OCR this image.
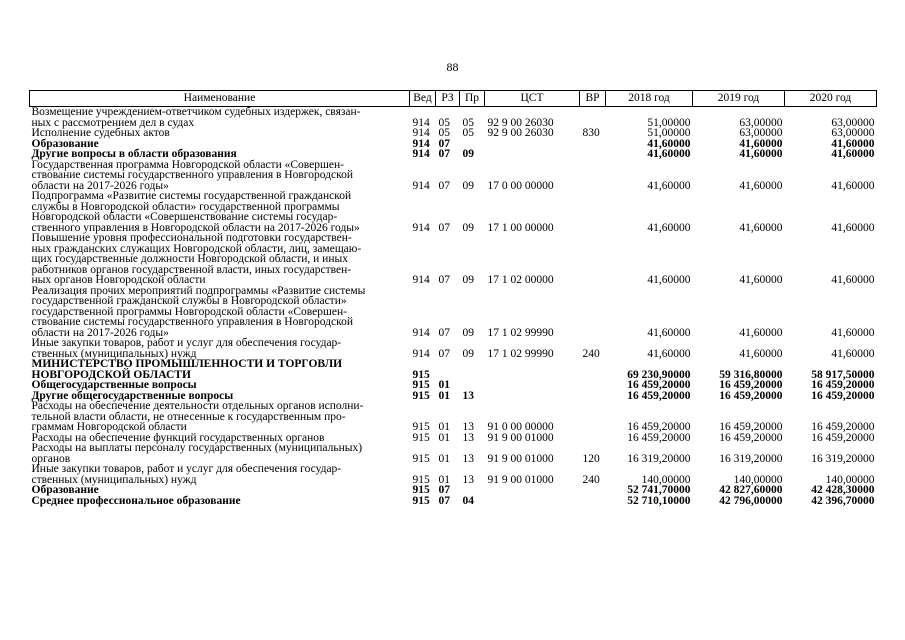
88
Наименование	Вед	РЗ	Пр	ЦСТ	ВР	2018 год	2019 год	2020 год
Возмещение учреждением-ответчиком судебных издержек, связан-
ных с рассмотрением дел в судах	914	05	05	92 9 00 26030		51,00000	63,00000	63,00000
Исполнение судебных актов	914	05	05	92 9 00 26030	830	51,00000	63,00000	63,00000
Образование	914	07				41,60000	41,60000	41,60000
Другие вопросы в области образования	914	07	09			41,60000	41,60000	41,60000
Государственная программа Новгородской области «Совершен-
ствование системы государственного управления в Новгородской
области на 2017-2026 годы»	914	07	09	17 0 00 00000		41,60000	41,60000	41,60000
Подпрограмма «Развитие системы государственной гражданской
службы в Новгородской области» государственной программы
Новгородской области «Совершенствование системы государ-
ственного управления в Новгородской области на 2017-2026 годы»	914	07	09	17 1 00 00000		41,60000	41,60000	41,60000
Повышение уровня профессиональной подготовки государствен-
ных гражданских служащих Новгородской области, лиц, замещаю-
щих государственные должности Новгородской области, и иных
работников органов государственной власти, иных государствен-
ных органов Новгородской области	914	07	09	17 1 02 00000		41,60000	41,60000	41,60000
Реализация прочих мероприятий подпрограммы «Развитие системы
государственной гражданской службы в Новгородской области»
государственной программы Новгородской области «Совершен-
ствование системы государственного управления в Новгородской
области на 2017-2026 годы»	914	07	09	17 1 02 99990		41,60000	41,60000	41,60000
Иные закупки товаров, работ и услуг для обеспечения государ-
ственных (муниципальных) нужд	914	07	09	17 1 02 99990	240	41,60000	41,60000	41,60000
МИНИСТЕРСТВО ПРОМЫШЛЕННОСТИ И ТОРГОВЛИ
НОВГОРОДСКОЙ ОБЛАСТИ	915					69 230,90000	59 316,80000	58 917,50000
Общегосударственные вопросы	915	01				16 459,20000	16 459,20000	16 459,20000
Другие общегосударственные вопросы	915	01	13			16 459,20000	16 459,20000	16 459,20000
Расходы на обеспечение деятельности отдельных органов исполни-
тельной власти области, не отнесенные к государственным про-
граммам Новгородской области	915	01	13	91 0 00 00000		16 459,20000	16 459,20000	16 459,20000
Расходы на обеспечение функций государственных органов	915	01	13	91 9 00 01000		16 459,20000	16 459,20000	16 459,20000
Расходы на выплаты персоналу государственных (муниципальных)
органов	915	01	13	91 9 00 01000	120	16 319,20000	16 319,20000	16 319,20000
Иные закупки товаров, работ и услуг для обеспечения государ-
ственных (муниципальных) нужд	915	01	13	91 9 00 01000	240	140,00000	140,00000	140,00000
Образование	915	07				52 741,70000	42 827,60000	42 428,30000
Среднее профессиональное образование	915	07	04			52 710,10000	42 796,00000	42 396,70000
